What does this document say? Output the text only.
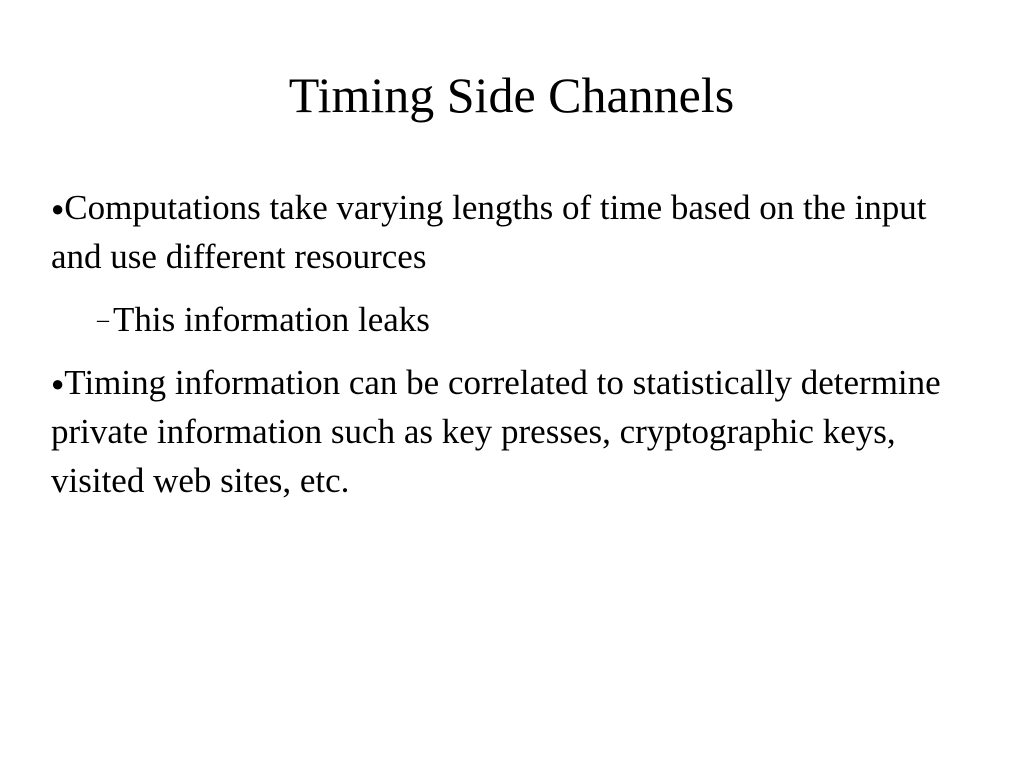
Timing Side Channels

●Computations take varying lengths of time based on the input and use different resources

– This information leaks

●Timing information can be correlated to statistically determine private information such as key presses, cryptographic keys, visited web sites, etc.
